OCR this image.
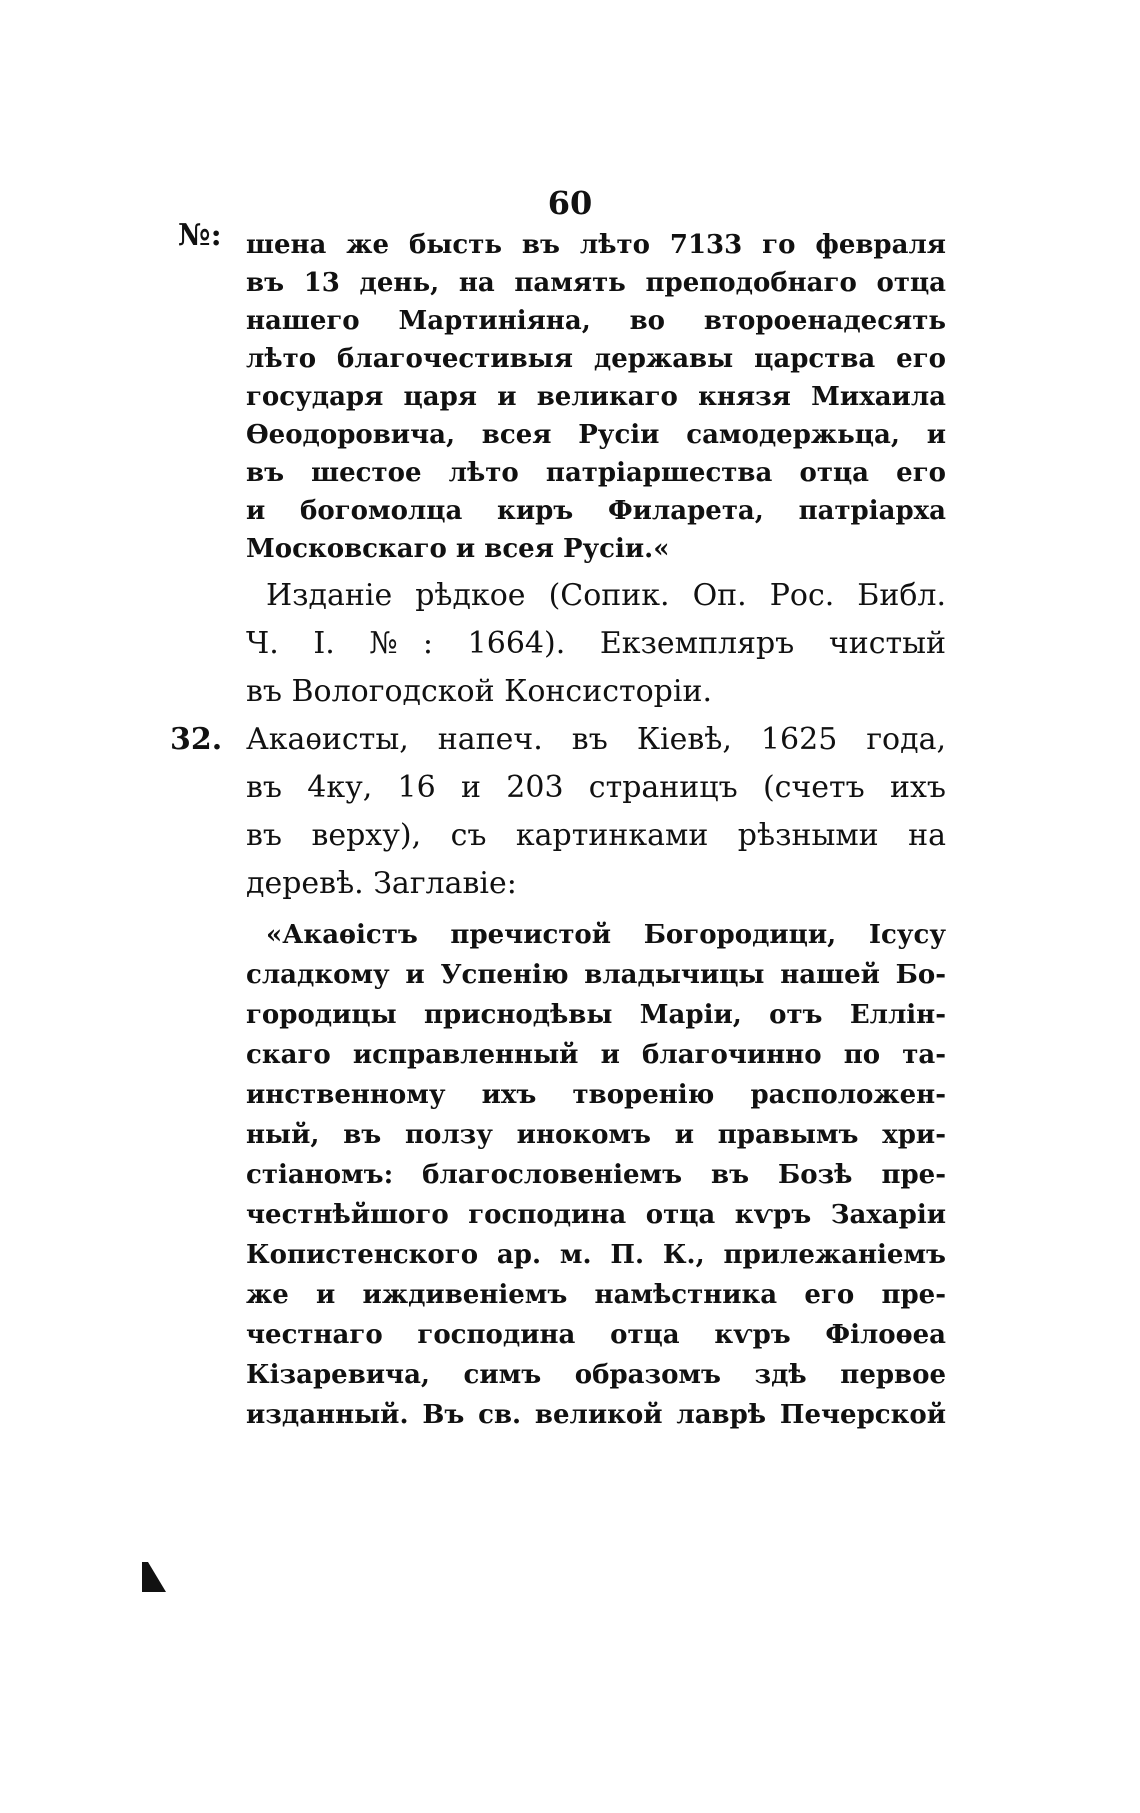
60
№: шена же бысть въ лѣто 7133 го февраля
въ 13 день, на память преподобнаго отца
нашего Мартиніяна, во второенадесять
лѣто благочестивыя державы царства его
государя царя и великаго князя Михаила
Өеодоровича, всея Русіи самодержьца, и
въ шестое лѣто патріаршества отца его
и богомолца киръ Филарета, патріарха
Московскаго и всея Русіи.«
Изданіе рѣдкое (Сопик. Оп. Рос. Библ.
Ч. І. №: 1664). Екземпляръ чистый
въ Вологодской Консисторіи.
32. Акаѳисты, напеч. въ Кіевѣ, 1625 года,
въ 4ку, 16 и 203 страницъ (счетъ ихъ
въ верху), съ картинками рѣзными на
деревѣ. Заглавіе:
«Акаѳістъ пречистой Богородици, Ісусу
сладкому и Успенію владычицы нашей Бо-
городицы приснодѣвы Маріи, отъ Еллін-
скаго исправленный и благочинно по та-
инственному ихъ творенію расположен-
ный, въ ползу инокомъ и правымъ хри-
стіаномъ: благословеніемъ въ Бозѣ пре-
честнѣйшого господина отца кѵръ Захаріи
Копистенского ар. м. П. К., прилежаніемъ
же и иждивеніемъ намѣстника его пре-
честнаго господина отца кѵръ Філоѳеа
Кізаревича, симъ образомъ здѣ первое
изданный. Въ св. великой лаврѣ Печерской
